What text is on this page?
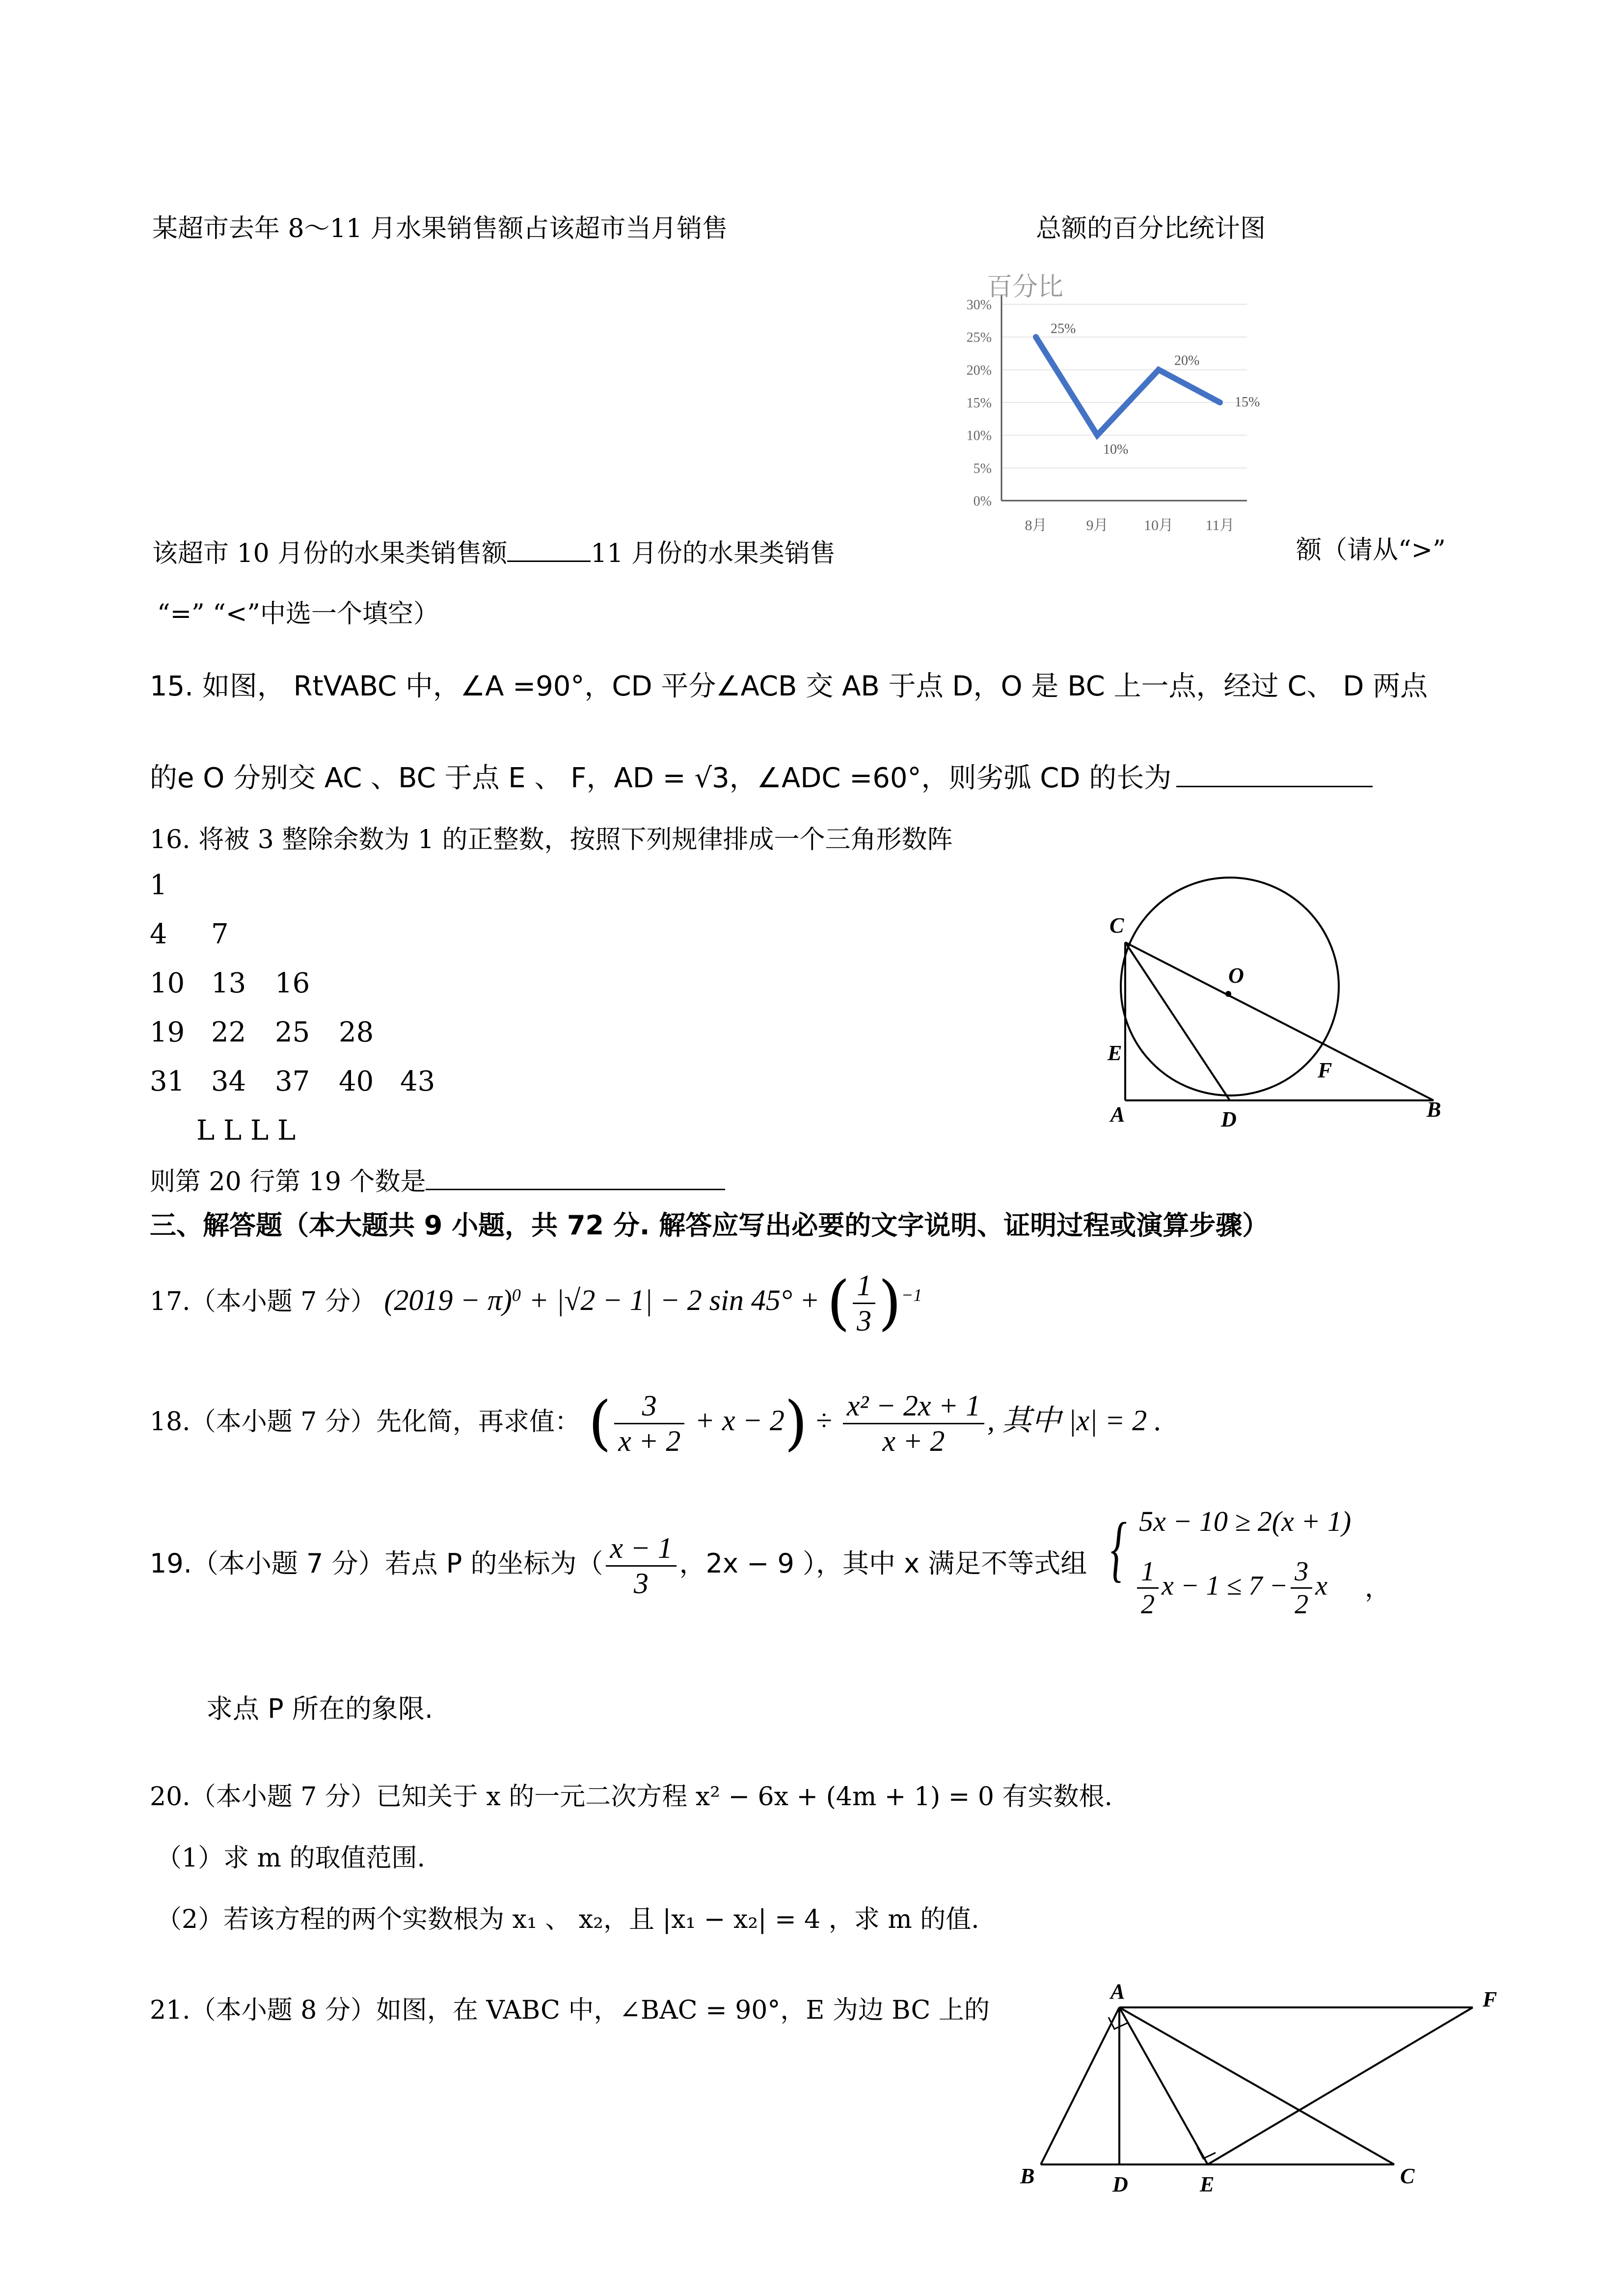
某超市去年 8～11 月水果销售额占该超市当月销售	总额的百分比统计图
0%
5%
10%
15%
20%
25%
30%
百分比
8月	9月 10月 11月
25%
10%
20%
15%
该超市 10 月份的水果类销售额	11 月份的水果类销售	额（请从“>”
“=” “<”中选一个填空）
15. 如图， RtVABC 中，∠A =90°，CD 平分∠ACB 交 AB 于点 D，O 是 BC 上一点，经过 C、 D 两点
的e O 分别交 AC 、BC 于点 E 、 F，AD = √3，∠ADC =60°，则劣弧 CD 的长为
16. 将被 3 整除余数为 1 的正整数，按照下列规律排成一个三角形数阵
1
4 7
10 13 16
19 22 25 28
31 34 37 40 43
L L L L
则第 20 行第 19 个数是
C
O
E
F
A	D	B
三、解答题（本大题共 9 小题，共 72 分. 解答应写出必要的文字说明、证明过程或演算步骤）
17.（本小题 7 分） $(2019 - \pi)^0 + |√2 - 1| - 2$ sin 45° + ( $\frac{1}{3} )^{-1}$
18.（本小题 7 分）先化简，再求值： ( $\frac{3}{x + 2} + x - 2) \div \frac{\text{x² − 2x + 1}}{x + 2}$ , 其中 |x| = 2 .
19.（本小题 7 分）若点 P 的坐标为（ $\frac{x - 1}{3}$ ，2x − 9 ），其中 x 满足不等式组 { 5x − 10 ≥ 2(x + 1)
$\frac{1}{2}$ $x - 1 \le 7 - \frac{3}{2}$ x ，
求点 P 所在的象限.
20.（本小题 7 分）已知关于 x 的一元二次方程 x² − 6x + (4m + 1) = 0 有实数根.
（1）求 m 的取值范围.
（2）若该方程的两个实数根为 x₁ 、 x₂，且 |x₁ − x₂| = 4 ，求 m 的值.
21.（本小题 8 分）如图，在 VABC 中，∠BAC = 90°，E 为边 BC 上的
A	F
B	D	E	C
